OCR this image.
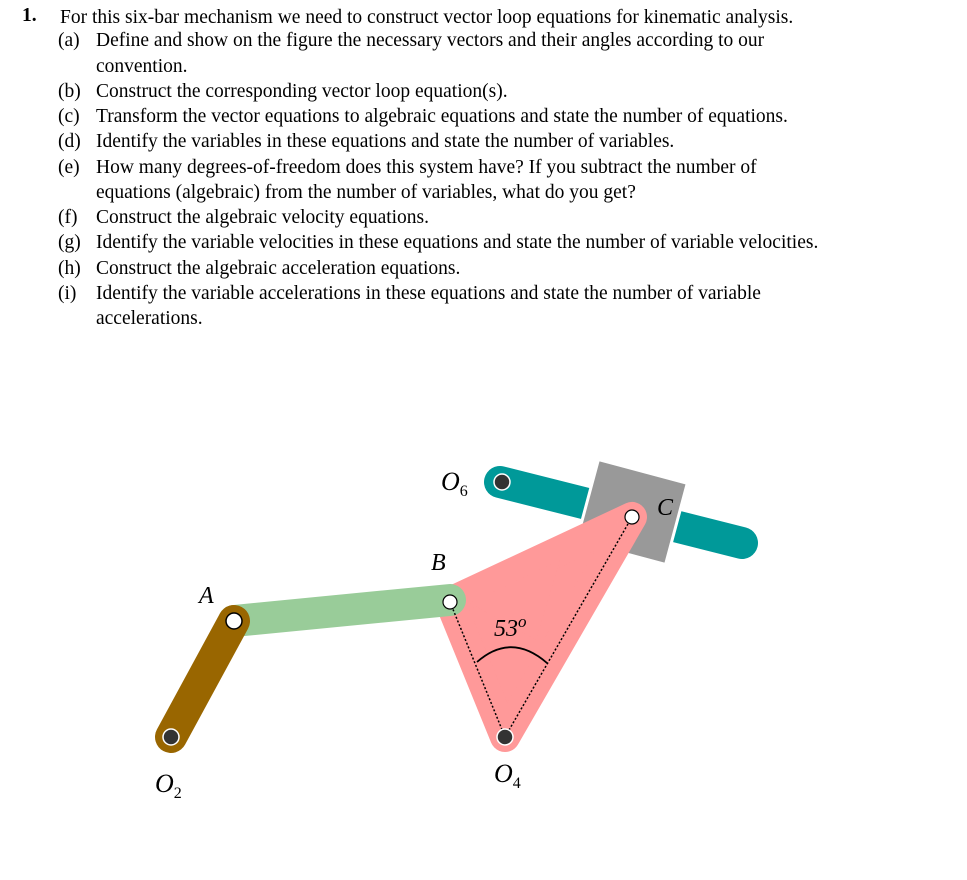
1. For this six-bar mechanism we need to construct vector loop equations for kinematic analysis.
(a) Define and show on the figure the necessary vectors and their angles according to our
convention.
(b) Construct the corresponding vector loop equation(s).
(c) Transform the vector equations to algebraic equations and state the number of equations.
(d) Identify the variables in these equations and state the number of variables.
(e) How many degrees-of-freedom does this system have? If you subtract the number of
equations (algebraic) from the number of variables, what do you get?
(f) Construct the algebraic velocity equations.
(g) Identify the variable velocities in these equations and state the number of variable velocities.
(h) Construct the algebraic acceleration equations.
(i) Identify the variable accelerations in these equations and state the number of variable
accelerations.
$O_2$
$O_4$
$O_6$
A
B
C
53$^o$
